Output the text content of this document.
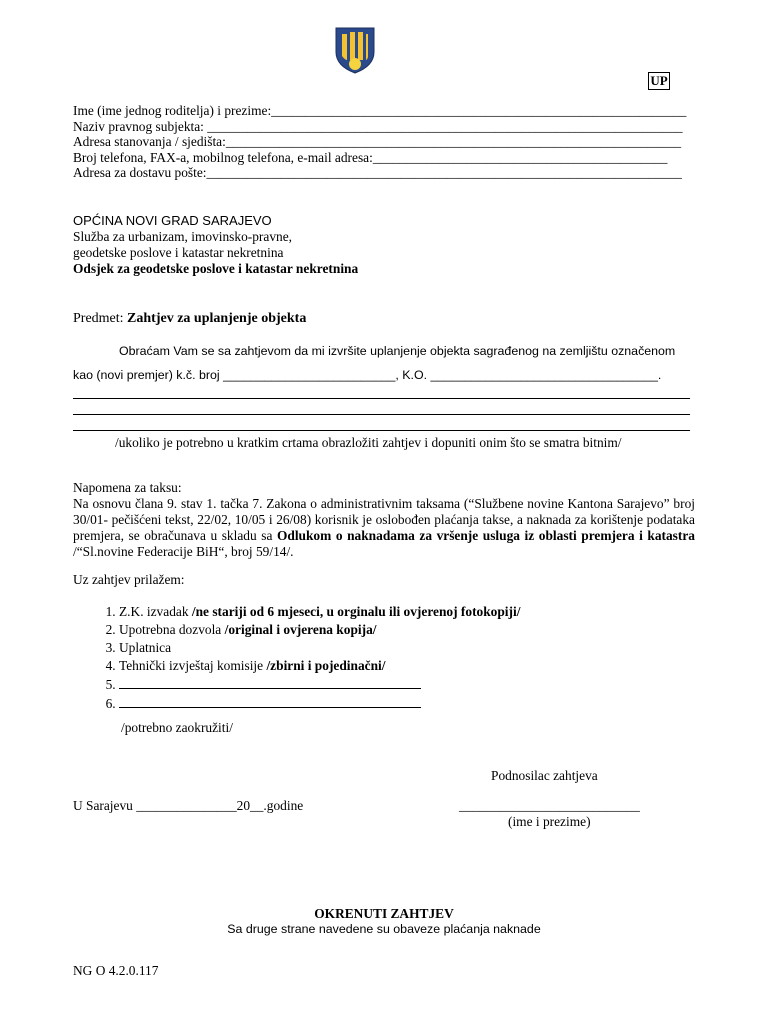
UP
Ime (ime jednog roditelja) i prezime:______________________________________________________________
Naziv pravnog subjekta: _______________________________________________________________________
Adresa stanovanja / sjedišta:____________________________________________________________________
Broj telefona, FAX-a, mobilnog telefona, e-mail adresa:____________________________________________
Adresa za dostavu pošte:_______________________________________________________________________
OPĆINA NOVI GRAD SARAJEVO
Služba za urbanizam, imovinsko-pravne,
geodetske poslove i katastar nekretnina
Odsjek za geodetske poslove i katastar nekretnina
Predmet: Zahtjev za uplanjenje objekta
Obraćam Vam se sa zahtjevom da mi izvršite uplanjenje objekta sagrađenog na zemljištu označenom
kao (novi premjer) k.č. broj _________________________, K.O. _________________________________.
/ukoliko je potrebno u kratkim crtama obrazložiti zahtjev i dopuniti onim što se smatra bitnim/
Napomena za taksu:

Na osnovu člana 9. stav 1. tačka 7. Zakona o administrativnim taksama (“Službene novine Kantona Sarajevo” broj 30/01- pečišćeni tekst, 22/02, 10/05 i 26/08) korisnik je oslobođen plaćanja takse, a naknada za korištenje podataka premjera, se obračunava u skladu sa Odlukom o naknadama za vršenje usluga iz oblasti premjera i katastra /“Sl.novine Federacije BiH“, broj 59/14/.

Uz zahtjev prilažem:
1. Z.K. izvadak /ne stariji od 6 mjeseci, u orginalu ili ovjerenoj fotokopiji/
2. Upotrebna dozvola /original i ovjerena kopija/
3. Uplatnica
4. Tehnički izvještaj komisije /zbirni i pojedinačni/
5.
6.
/potrebno zaokružiti/
Podnosilac zahtjeva
U Sarajevu _______________20__.godine	___________________________
(ime i prezime)
OKRENUTI ZAHTJEV
Sa druge strane navedene su obaveze plaćanja naknade
NG O 4.2.0.117
